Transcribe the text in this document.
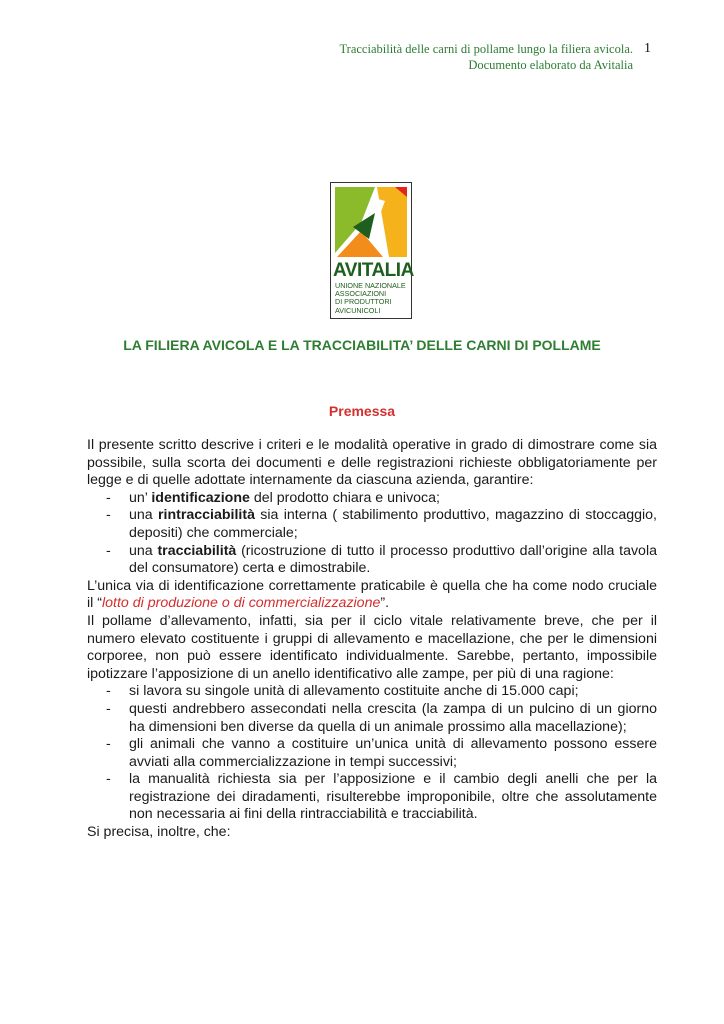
Tracciabilità delle carni di pollame lungo la filiera avicola.
Documento elaborato da Avitalia
1
AVITALIA
UNIONE NAZIONALE
ASSOCIAZIONI
DI PRODUTTORI
AVICUNICOLI
LA FILIERA AVICOLA E LA TRACCIABILITA’ DELLE CARNI DI POLLAME
Premessa

Il presente scritto descrive i criteri e le modalità operative in grado di dimostrare come sia possibile, sulla scorta dei documenti e delle registrazioni richieste obbligatoriamente per legge e di quelle adottate internamente da ciascuna azienda, garantire:

- un’ identificazione del prodotto chiara e univoca;
- una rintracciabilità sia interna ( stabilimento produttivo, magazzino di stoccaggio, depositi) che commerciale;
- una tracciabilità (ricostruzione di tutto il processo produttivo dall’origine alla tavola del consumatore) certa e dimostrabile.

L’unica via di identificazione correttamente praticabile è quella che ha come nodo cruciale il “lotto di produzione o di commercializzazione”.

Il pollame d’allevamento, infatti, sia per il ciclo vitale relativamente breve, che per il numero elevato costituente i gruppi di allevamento e macellazione, che per le dimensioni corporee, non può essere identificato individualmente. Sarebbe, pertanto, impossibile ipotizzare l’apposizione di un anello identificativo alle zampe, per più di una ragione:

- si lavora su singole unità di allevamento costituite anche di 15.000 capi;
- questi andrebbero assecondati nella crescita (la zampa di un pulcino di un giorno ha dimensioni ben diverse da quella di un animale prossimo alla macellazione);
- gli animali che vanno a costituire un’unica unità di allevamento possono essere avviati alla commercializzazione in tempi successivi;
- la manualità richiesta sia per l’apposizione e il cambio degli anelli che per la registrazione dei diradamenti, risulterebbe improponibile, oltre che assolutamente non necessaria ai fini della rintracciabilità e tracciabilità.

Si precisa, inoltre, che:
